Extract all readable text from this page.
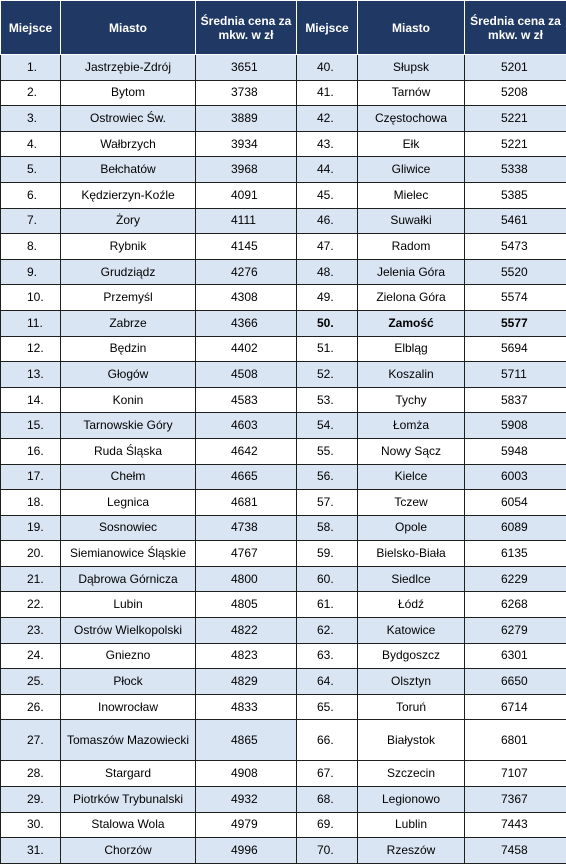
Miejsce	Miasto	Średnia cena za mkw. w zł	Miejsce	Miasto	Średnia cena za mkw. w zł
1.	Jastrzębie-Zdrój	3651	40.	Słupsk	5201
2.	Bytom	3738	41.	Tarnów	5208
3.	Ostrowiec Św.	3889	42.	Częstochowa	5221
4.	Wałbrzych	3934	43.	Ełk	5221
5.	Bełchatów	3968	44.	Gliwice	5338
6.	Kędzierzyn-Koźle	4091	45.	Mielec	5385
7.	Żory	4111	46.	Suwałki	5461
8.	Rybnik	4145	47.	Radom	5473
9.	Grudziądz	4276	48.	Jelenia Góra	5520
10.	Przemyśl	4308	49.	Zielona Góra	5574
11.	Zabrze	4366	50.	Zamość	5577
12.	Będzin	4402	51.	Elbląg	5694
13.	Głogów	4508	52.	Koszalin	5711
14.	Konin	4583	53.	Tychy	5837
15.	Tarnowskie Góry	4603	54.	Łomża	5908
16.	Ruda Śląska	4642	55.	Nowy Sącz	5948
17.	Chełm	4665	56.	Kielce	6003
18.	Legnica	4681	57.	Tczew	6054
19.	Sosnowiec	4738	58.	Opole	6089
20.	Siemianowice Śląskie	4767	59.	Bielsko-Biała	6135
21.	Dąbrowa Górnicza	4800	60.	Siedlce	6229
22.	Lubin	4805	61.	Łódź	6268
23.	Ostrów Wielkopolski	4822	62.	Katowice	6279
24.	Gniezno	4823	63.	Bydgoszcz	6301
25.	Płock	4829	64.	Olsztyn	6650
26.	Inowrocław	4833	65.	Toruń	6714
27.	Tomaszów Mazowiecki	4865	66.	Białystok	6801
28.	Stargard	4908	67.	Szczecin	7107
29.	Piotrków Trybunalski	4932	68.	Legionowo	7367
30.	Stalowa Wola	4979	69.	Lublin	7443
31.	Chorzów	4996	70.	Rzeszów	7458
